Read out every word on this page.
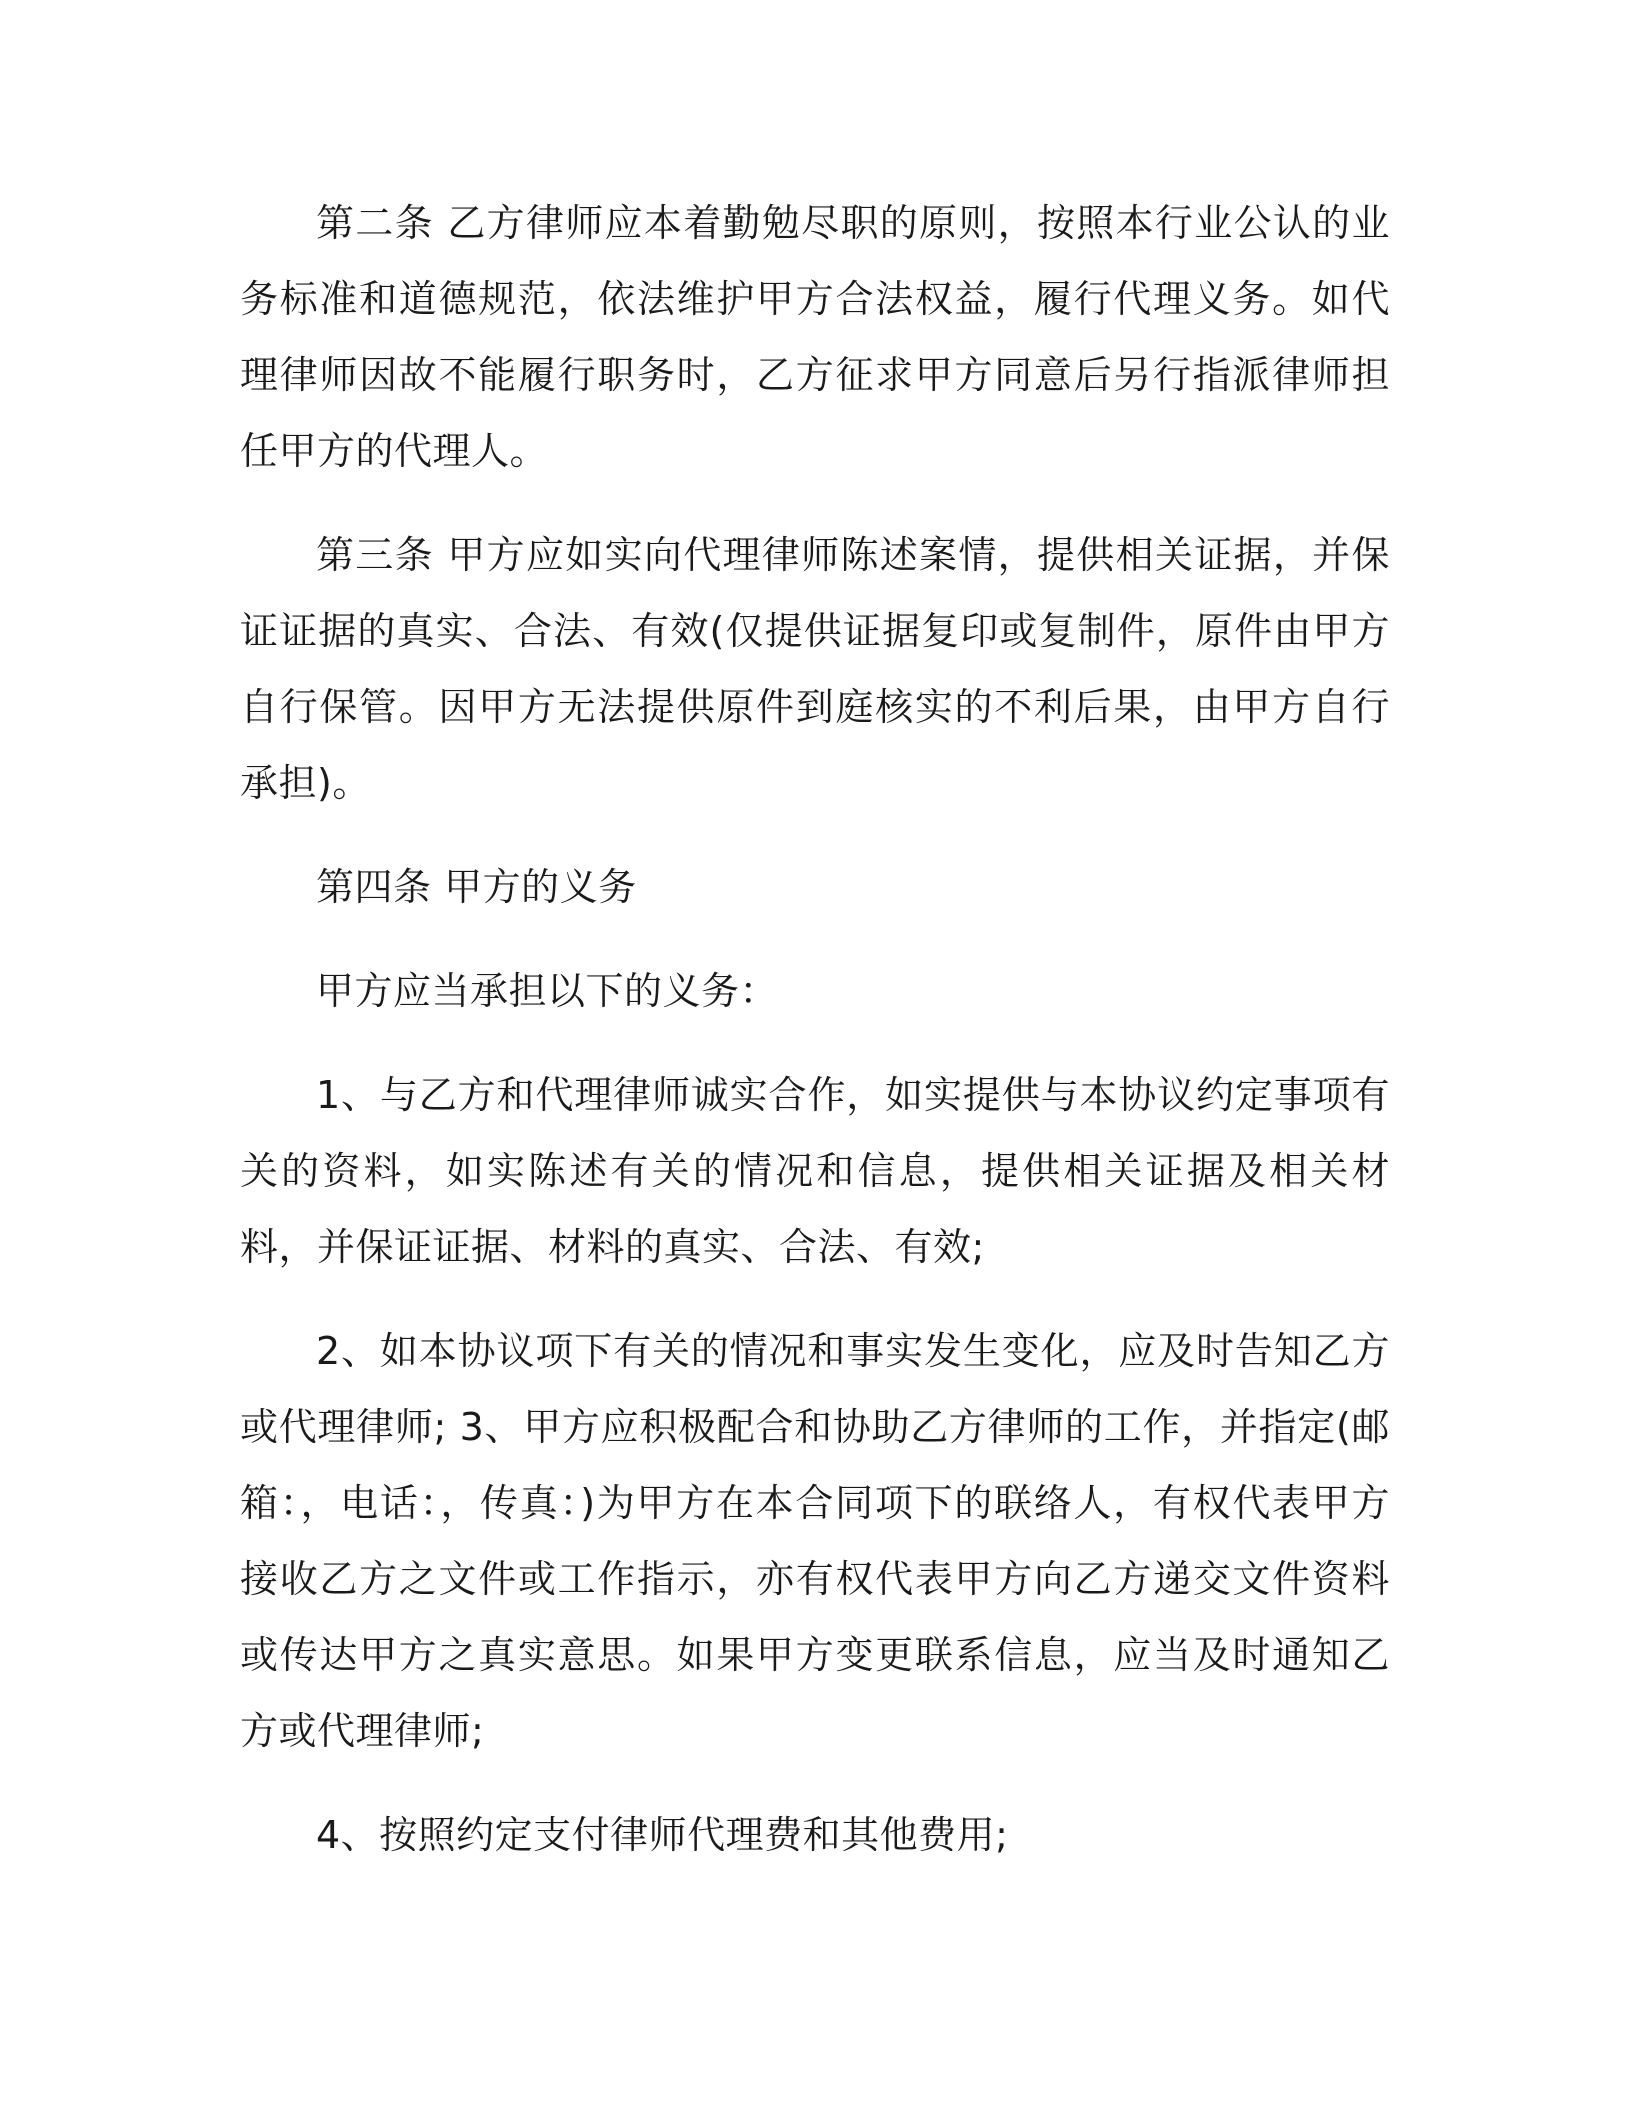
第二条 乙方律师应本着勤勉尽职的原则，按照本行业公认的业务标准和道德规范，依法维护甲方合法权益，履行代理义务。如代理律师因故不能履行职务时，乙方征求甲方同意后另行指派律师担任甲方的代理人。

第三条 甲方应如实向代理律师陈述案情，提供相关证据，并保证证据的真实、合法、有效(仅提供证据复印或复制件，原件由甲方自行保管。因甲方无法提供原件到庭核实的不利后果，由甲方自行承担)。

第四条 甲方的义务

甲方应当承担以下的义务：

1、与乙方和代理律师诚实合作，如实提供与本协议约定事项有关的资料，如实陈述有关的情况和信息，提供相关证据及相关材料，并保证证据、材料的真实、合法、有效;

2、如本协议项下有关的情况和事实发生变化，应及时告知乙方或代理律师; 3、甲方应积极配合和协助乙方律师的工作，并指定(邮箱：，电话：，传真：)为甲方在本合同项下的联络人，有权代表甲方接收乙方之文件或工作指示，亦有权代表甲方向乙方递交文件资料或传达甲方之真实意思。如果甲方变更联系信息，应当及时通知乙方或代理律师;

4、按照约定支付律师代理费和其他费用;
